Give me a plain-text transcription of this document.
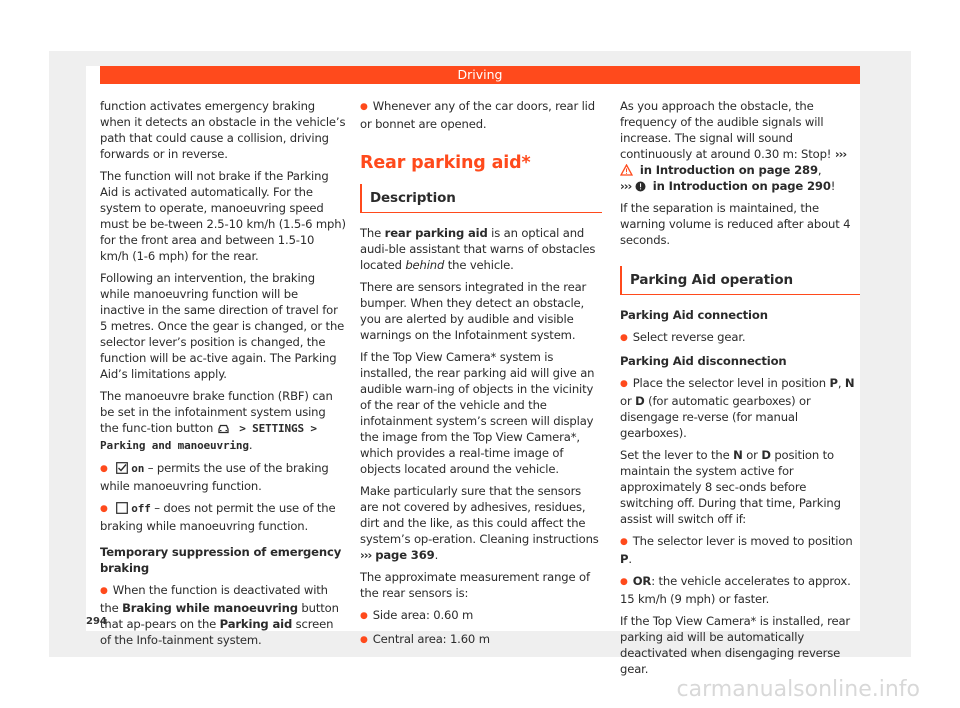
Driving

function activates emergency braking when it detects an obstacle in the vehicle’s path that could cause a collision, driving forwards or in reverse.

The function will not brake if the Parking Aid is activated automatically. For the system to operate, manoeuvring speed must be be-tween 2.5-10 km/h (1.5-6 mph) for the front area and between 1.5-10 km/h (1-6 mph) for the rear.

Following an intervention, the braking while manoeuvring function will be inactive in the same direction of travel for 5 metres. Once the gear is changed, or the selector lever’s position is changed, the function will be ac-tive again. The Parking Aid’s limitations apply.

The manoeuvre brake function (RBF) can be set in the infotainment system using the func-tion button  > SETTINGS > Parking and manoeuvring.

● on – permits the use of the braking while manoeuvring function.

● off – does not permit the use of the braking while manoeuvring function.

Temporary suppression of emergency braking

● When the function is deactivated with the Braking while manoeuvring button that ap-pears on the Parking aid screen of the Info-tainment system.

● Whenever any of the car doors, rear lid or bonnet are opened.

Rear parking aid*
Description

The rear parking aid is an optical and audi-ble assistant that warns of obstacles located behind the vehicle.

There are sensors integrated in the rear bumper. When they detect an obstacle, you are alerted by audible and visible warnings on the Infotainment system.

If the Top View Camera* system is installed, the rear parking aid will give an audible warn-ing of objects in the vicinity of the rear of the vehicle and the infotainment system’s screen will display the image from the Top View Camera*, which provides a real-time image of objects located around the vehicle.

Make particularly sure that the sensors are not covered by adhesives, residues, dirt and the like, as this could affect the system’s op-eration. Cleaning instructions ››› page 369.

The approximate measurement range of the rear sensors is:

● Side area: 0.60 m

● Central area: 1.60 m

As you approach the obstacle, the frequency of the audible signals will increase. The signal will sound continuously at around 0.30 m: Stop! ›››  in Introduction on page 289,
›››  in Introduction on page 290!

If the separation is maintained, the warning volume is reduced after about 4 seconds.

Parking Aid operation

Parking Aid connection

● Select reverse gear.

Parking Aid disconnection

● Place the selector level in position P, N or D (for automatic gearboxes) or disengage re-verse (for manual gearboxes).

Set the lever to the N or D position to maintain the system active for approximately 8 sec-onds before switching off. During that time, Parking assist will switch off if:

● The selector lever is moved to position P.

● OR: the vehicle accelerates to approx. 15 km/h (9 mph) or faster.

If the Top View Camera* is installed, rear parking aid will be automatically deactivated when disengaging reverse gear.

294
carmanualsonline.info
